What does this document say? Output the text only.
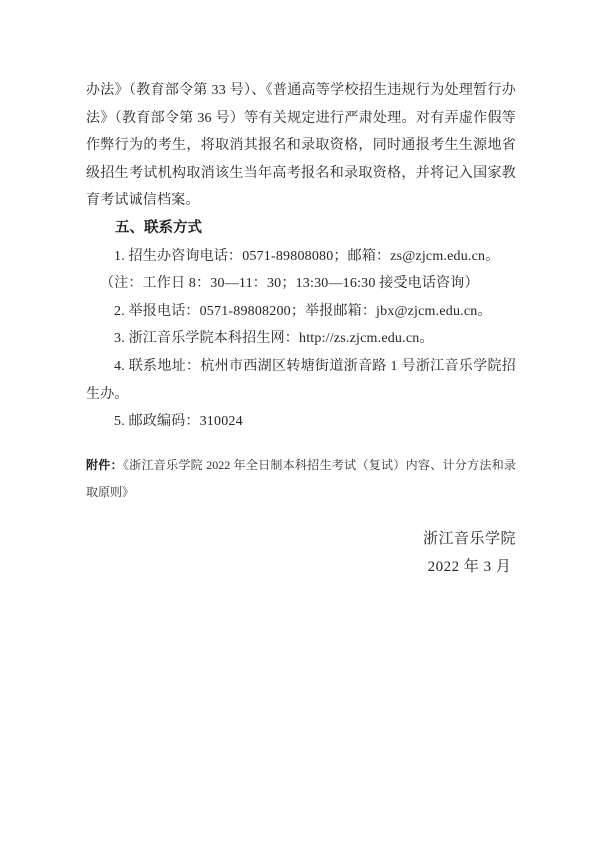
办法》（教育部令第 33 号）、《普通高等学校招生违规行为处理暂行办法》（教育部令第 36 号）等有关规定进行严肃处理。对有弄虚作假等作弊行为的考生，将取消其报名和录取资格，同时通报考生生源地省级招生考试机构取消该生当年高考报名和录取资格，并将记入国家教育考试诚信档案。

五、联系方式

1. 招生办咨询电话：0571-89808080；邮箱：zs@zjcm.edu.cn。

（注：工作日 8：30—11：30；13:30—16:30 接受电话咨询）

2. 举报电话：0571-89808200；举报邮箱：jbx@zjcm.edu.cn。

3. 浙江音乐学院本科招生网：http://zs.zjcm.edu.cn。

4. 联系地址：杭州市西湖区转塘街道浙音路 1 号浙江音乐学院招生办。

5. 邮政编码：310024

附件：《浙江音乐学院 2022 年全日制本科招生考试（复试）内容、计分方法和录取原则》

浙江音乐学院

2022 年 3 月
